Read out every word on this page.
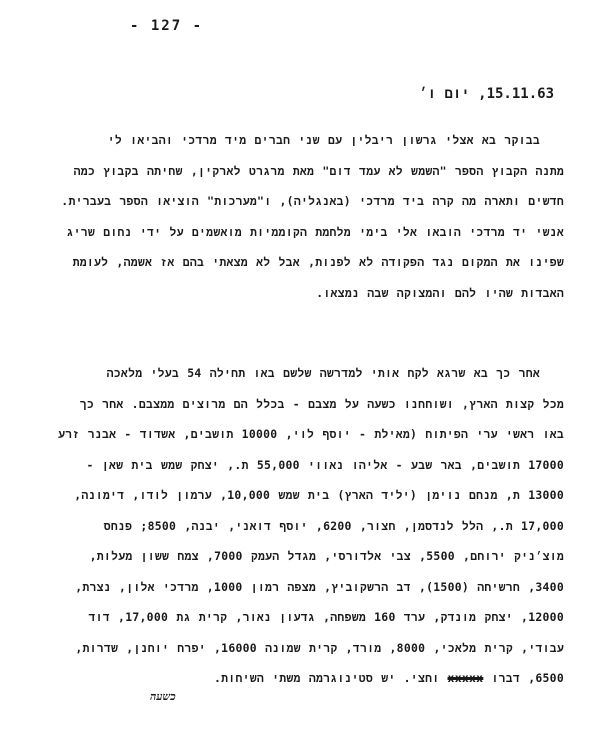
- 127 -
15.11.63, יום ו׳
בבוקר בא אצלי גרשון ריבלין עם שני חברים מיד מרדכי והביאו לי
מתנה הקבוץ הספר "השמש לא עמד דום" מאת מרגרט לארקין, שחיתה בקבוץ כמה
חדשים ותארה מה קרה ביד מרדכי (באנגליה), ו"מערכות" הוציאו הספר בעברית.
אנשי יד מרדכי הובאו אלי בימי מלחמת הקוממיות מואשמים על ידי נחום שריג
שפינו את המקום נגד הפקודה לא לפנות, אבל לא מצאתי בהם אז אשמה, לעומת
האבדות שהיו להם והמצוקה שבה נמצאו.
אחר כך בא שרגא לקח אותי למדרשה שלשם באו תחילה 54 בעלי מלאכה
מכל קצות הארץ, ושוחחנו כשעה על מצבם - בכלל הם מרוצים ממצבם. אחר כך
באו ראשי ערי הפיתוח (מאילת - יוסף לוי, 10000 תושבים, אשדוד - אבנר זרע
17000 תושבים, באר שבע - אליהו נאווי 55,000 ת., יצחק שמש בית שאן -
13000 ת, מנחם נוימן (יליד הארץ) בית שמש 10,000, ערמון לודו, דימונה,
17,000 ת., הלל לנדסמן, חצור, 6200, יוסף דואני, יבנה, 8500; פנחס
מוצ׳ניק ירוחם, 5500, צבי אלדורסי, מגדל העמק 7000, צמח ששון מעלות,
3400, חרשיחה (1500), דב הרשקוביץ, מצפה רמון 1000, מרדכי אלון, נצרת,
12000, יצחק מונדק, ערד 160 משפחה, גדעון נאור, קרית גת 17,000, דוד
עבודי, קרית מלאכי, 8000, מורד, קרית שמונה 16000, יפרח יוחנן, שדרות,
6500, דברו xxxxx וחצי. יש סטינוגרמה משתי השיחות.
כשעה
